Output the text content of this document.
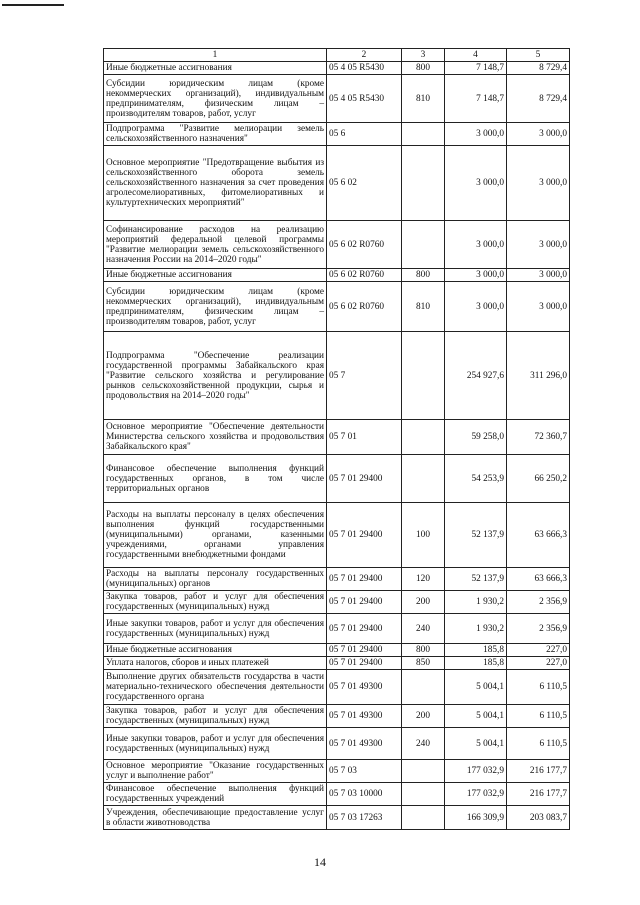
1	2	3	4	5
Иные бюджетные ассигнования	05 4 05 R5430	800	7 148,7	8 729,4
Субсидии юридическим лицам (кроме некоммерческих организаций), индивидуальным предпринимателям, физическим лицам – производителям товаров, работ, услуг	05 4 05 R5430	810	7 148,7	8 729,4
Подпрограмма "Развитие мелиорации земель сельскохозяйственного назначения"	05 6		3 000,0	3 000,0
Основное мероприятие "Предотвращение выбытия из сельскохозяйственного оборота земель сельскохозяйственного назначения за счет проведения агролесомелиоративных, фитомелиоративных и культуртехнических мероприятий"	05 6 02		3 000,0	3 000,0
Софинансирование расходов на реализацию мероприятий федеральной целевой программы "Развитие мелиорации земель сельскохозяйственного назначения России на 2014–2020 годы"	05 6 02 R0760		3 000,0	3 000,0
Иные бюджетные ассигнования	05 6 02 R0760	800	3 000,0	3 000,0
Субсидии юридическим лицам (кроме некоммерческих организаций), индивидуальным предпринимателям, физическим лицам – производителям товаров, работ, услуг	05 6 02 R0760	810	3 000,0	3 000,0
Подпрограмма "Обеспечение реализации государственной программы Забайкальского края "Развитие сельского хозяйства и регулирование рынков сельскохозяйственной продукции, сырья и продовольствия на 2014–2020 годы"	05 7		254 927,6	311 296,0
Основное мероприятие "Обеспечение деятельности Министерства сельского хозяйства и продовольствия Забайкальского края"	05 7 01		59 258,0	72 360,7
Финансовое обеспечение выполнения функций государственных органов, в том числе территориальных органов	05 7 01 29400		54 253,9	66 250,2
Расходы на выплаты персоналу в целях обеспечения выполнения функций государственными (муниципальными) органами, казенными учреждениями, органами управления государственными внебюджетными фондами	05 7 01 29400	100	52 137,9	63 666,3
Расходы на выплаты персоналу государственных (муниципальных) органов	05 7 01 29400	120	52 137,9	63 666,3
Закупка товаров, работ и услуг для обеспечения государственных (муниципальных) нужд	05 7 01 29400	200	1 930,2	2 356,9
Иные закупки товаров, работ и услуг для обеспечения государственных (муниципальных) нужд	05 7 01 29400	240	1 930,2	2 356,9
Иные бюджетные ассигнования	05 7 01 29400	800	185,8	227,0
Уплата налогов, сборов и иных платежей	05 7 01 29400	850	185,8	227,0
Выполнение других обязательств государства в части материально-технического обеспечения деятельности государственного органа	05 7 01 49300		5 004,1	6 110,5
Закупка товаров, работ и услуг для обеспечения государственных (муниципальных) нужд	05 7 01 49300	200	5 004,1	6 110,5
Иные закупки товаров, работ и услуг для обеспечения государственных (муниципальных) нужд	05 7 01 49300	240	5 004,1	6 110,5
Основное мероприятие "Оказание государственных услуг и выполнение работ"	05 7 03		177 032,9	216 177,7
Финансовое обеспечение выполнения функций государственных учреждений	05 7 03 10000		177 032,9	216 177,7
Учреждения, обеспечивающие предоставление услуг в области животноводства	05 7 03 17263		166 309,9	203 083,7
14
